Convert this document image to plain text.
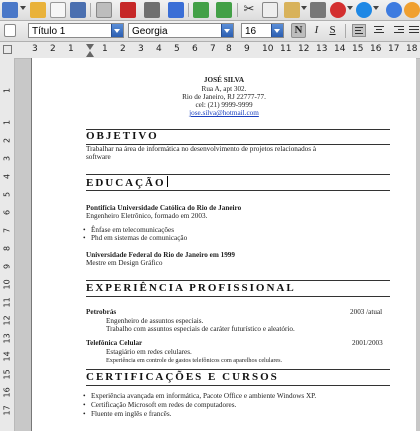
✂
Título 1	Georgia	16	N	I	S
3 2 1	1 2 3 4 5 6 7 8 9 10 11 12 13 14 15 16 17 18
1
1
2
3
4
5
6
7
8
9
10
11
12
13
14
15
16
17
JOSÉ SILVA
Rua A, apt 302.
Rio de Janeiro, RJ 22777-77.
cel: (21) 9999-9999
jose.silva@hotmail.com
OBJETIVO
Trabalhar na área de informática no desenvolvimento de projetos relacionados à
software
EDUCAÇÃO
Pontifícia Universidade Católica do Rio de Janeiro
Engenheiro Eletrônico, formado em 2003.
• Ênfase em telecomunicações
• Phd em sistemas de comunicação
Universidade Federal do Rio de Janeiro em 1999
Mestre em Design Gráfico
EXPERIÊNCIA PROFISSIONAL
Petrobrás	2003 /atual
Engenheiro de assuntos especiais.
Trabalho com assuntos especiais de caráter futurístico e aleatório.
Telefônica Celular	2001/2003
Estagiário em redes celulares.
Experiência em controle de gastos telefônicos com aparelhos celulares.
CERTIFICAÇÕES E CURSOS
• Experiência avançada em informática, Pacote Office e ambiente Windows XP.
• Certificação Microsoft em redes de computadores.
• Fluente em inglês e francês.
